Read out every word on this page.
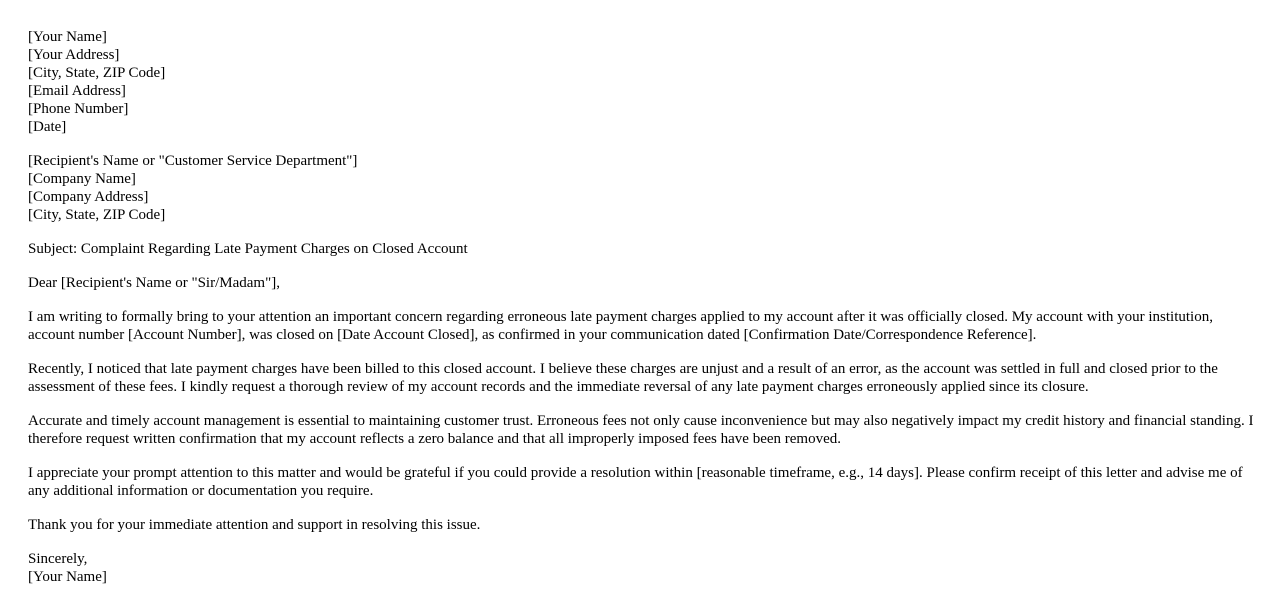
[Your Name]
[Your Address]
[City, State, ZIP Code]
[Email Address]
[Phone Number]
[Date]
[Recipient's Name or "Customer Service Department"]
[Company Name]
[Company Address]
[City, State, ZIP Code]

Subject: Complaint Regarding Late Payment Charges on Closed Account

Dear [Recipient's Name or "Sir/Madam"],

I am writing to formally bring to your attention an important concern regarding erroneous late payment charges applied to my account after it was officially closed. My account with your institution, account number [Account Number], was closed on [Date Account Closed], as confirmed in your communication dated [Confirmation Date/Correspondence Reference].

Recently, I noticed that late payment charges have been billed to this closed account. I believe these charges are unjust and a result of an error, as the account was settled in full and closed prior to the assessment of these fees. I kindly request a thorough review of my account records and the immediate reversal of any late payment charges erroneously applied since its closure.

Accurate and timely account management is essential to maintaining customer trust. Erroneous fees not only cause inconvenience but may also negatively impact my credit history and financial standing. I therefore request written confirmation that my account reflects a zero balance and that all improperly imposed fees have been removed.

I appreciate your prompt attention to this matter and would be grateful if you could provide a resolution within [reasonable timeframe, e.g., 14 days]. Please confirm receipt of this letter and advise me of any additional information or documentation you require.

Thank you for your immediate attention and support in resolving this issue.

Sincerely,
[Your Name]
